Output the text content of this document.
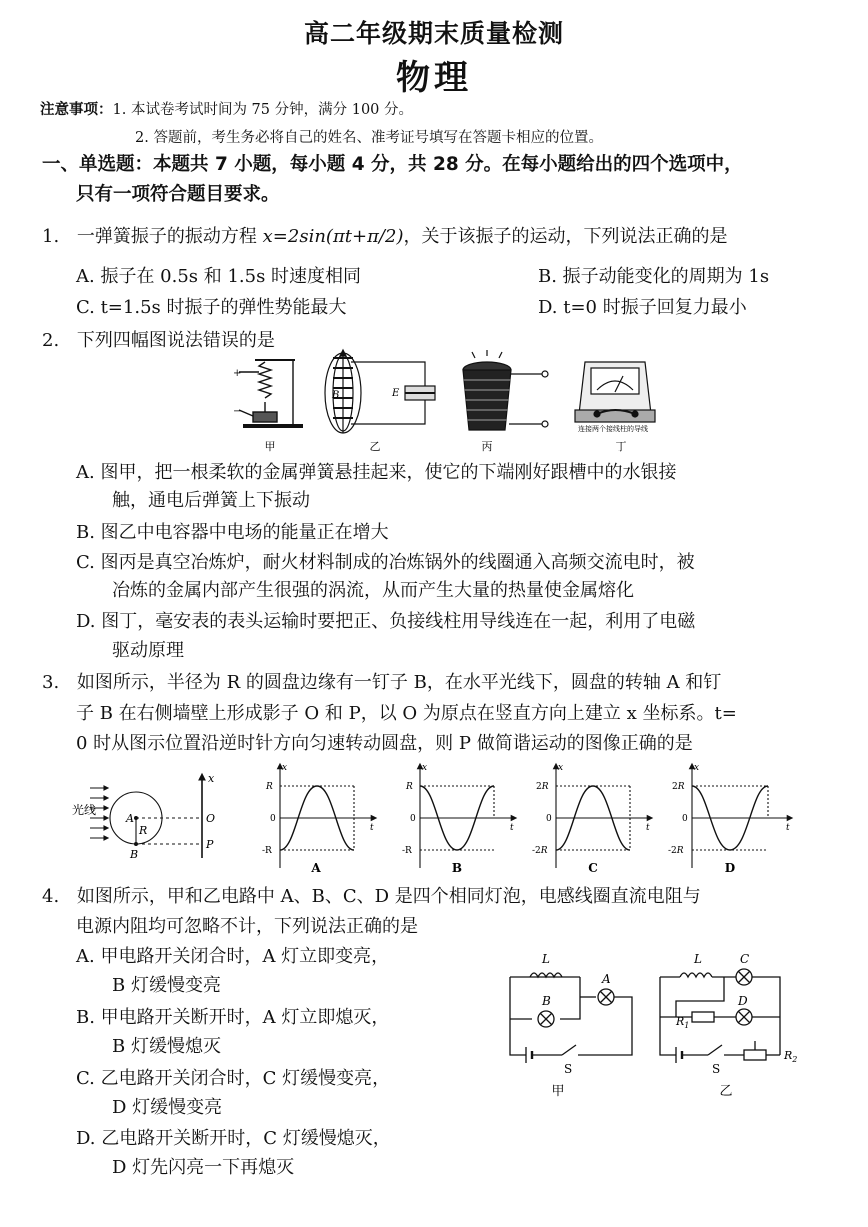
高二年级期末质量检测
物理
注意事项：1. 本试卷考试时间为 75 分钟，满分 100 分。
2. 答题前，考生务必将自己的姓名、准考证号填写在答题卡相应的位置。
一、单选题：本题共 7 小题，每小题 4 分，共 28 分。在每小题给出的四个选项中，
只有一项符合题目要求。
1. 一弹簧振子的振动方程 x=2sin(πt+π/2)，关于该振子的运动，下列说法正确的是
A. 振子在 0.5s 和 1.5s 时速度相同	B. 振子动能变化的周期为 1s
C. t=1.5s 时振子的弹性势能最大	D. t=0 时振子回复力最小
2. 下列四幅图说法错误的是
+
−
甲
B	E
乙	丙
连接两个接线柱的导线
丁
A. 图甲，把一根柔软的金属弹簧悬挂起来，使它的下端刚好跟槽中的水银接
触，通电后弹簧上下振动
B. 图乙中电容器中电场的能量正在增大
C. 图丙是真空冶炼炉，耐火材料制成的冶炼锅外的线圈通入高频交流电时，被
冶炼的金属内部产生很强的涡流，从而产生大量的热量使金属熔化
D. 图丁，毫安表的表头运输时要把正、负接线柱用导线连在一起，利用了电磁
驱动原理
3. 如图所示，半径为 R 的圆盘边缘有一钉子 B，在水平光线下，圆盘的转轴 A 和钉
子 B 在右侧墙壁上形成影子 O 和 P，以 O 为原点在竖直方向上建立 x 坐标系。t=
0 时从图示位置沿逆时针方向匀速转动圆盘，则 P 做简谐运动的图像正确的是
光线
A
R
B
O
P
x
x
R
0
-R
t
A
x
R
0
-R
t
B
x
2R
0
-2R
t
C
x
2R
0
-2R
t
D
4. 如图所示，甲和乙电路中 A、B、C、D 是四个相同灯泡，电感线圈直流电阻与
电源内阻均可忽略不计，下列说法正确的是
A. 甲电路开关闭合时，A 灯立即变亮，
B 灯缓慢变亮
B. 甲电路开关断开时，A 灯立即熄灭，
B 灯缓慢熄灭
C. 乙电路开关闭合时，C 灯缓慢变亮，
D 灯缓慢变亮
D. 乙电路开关断开时，C 灯缓慢熄灭，
D 灯先闪亮一下再熄灭
L
B
A
S
甲
L	C
D
$R_1$
$R_2$
S
乙
